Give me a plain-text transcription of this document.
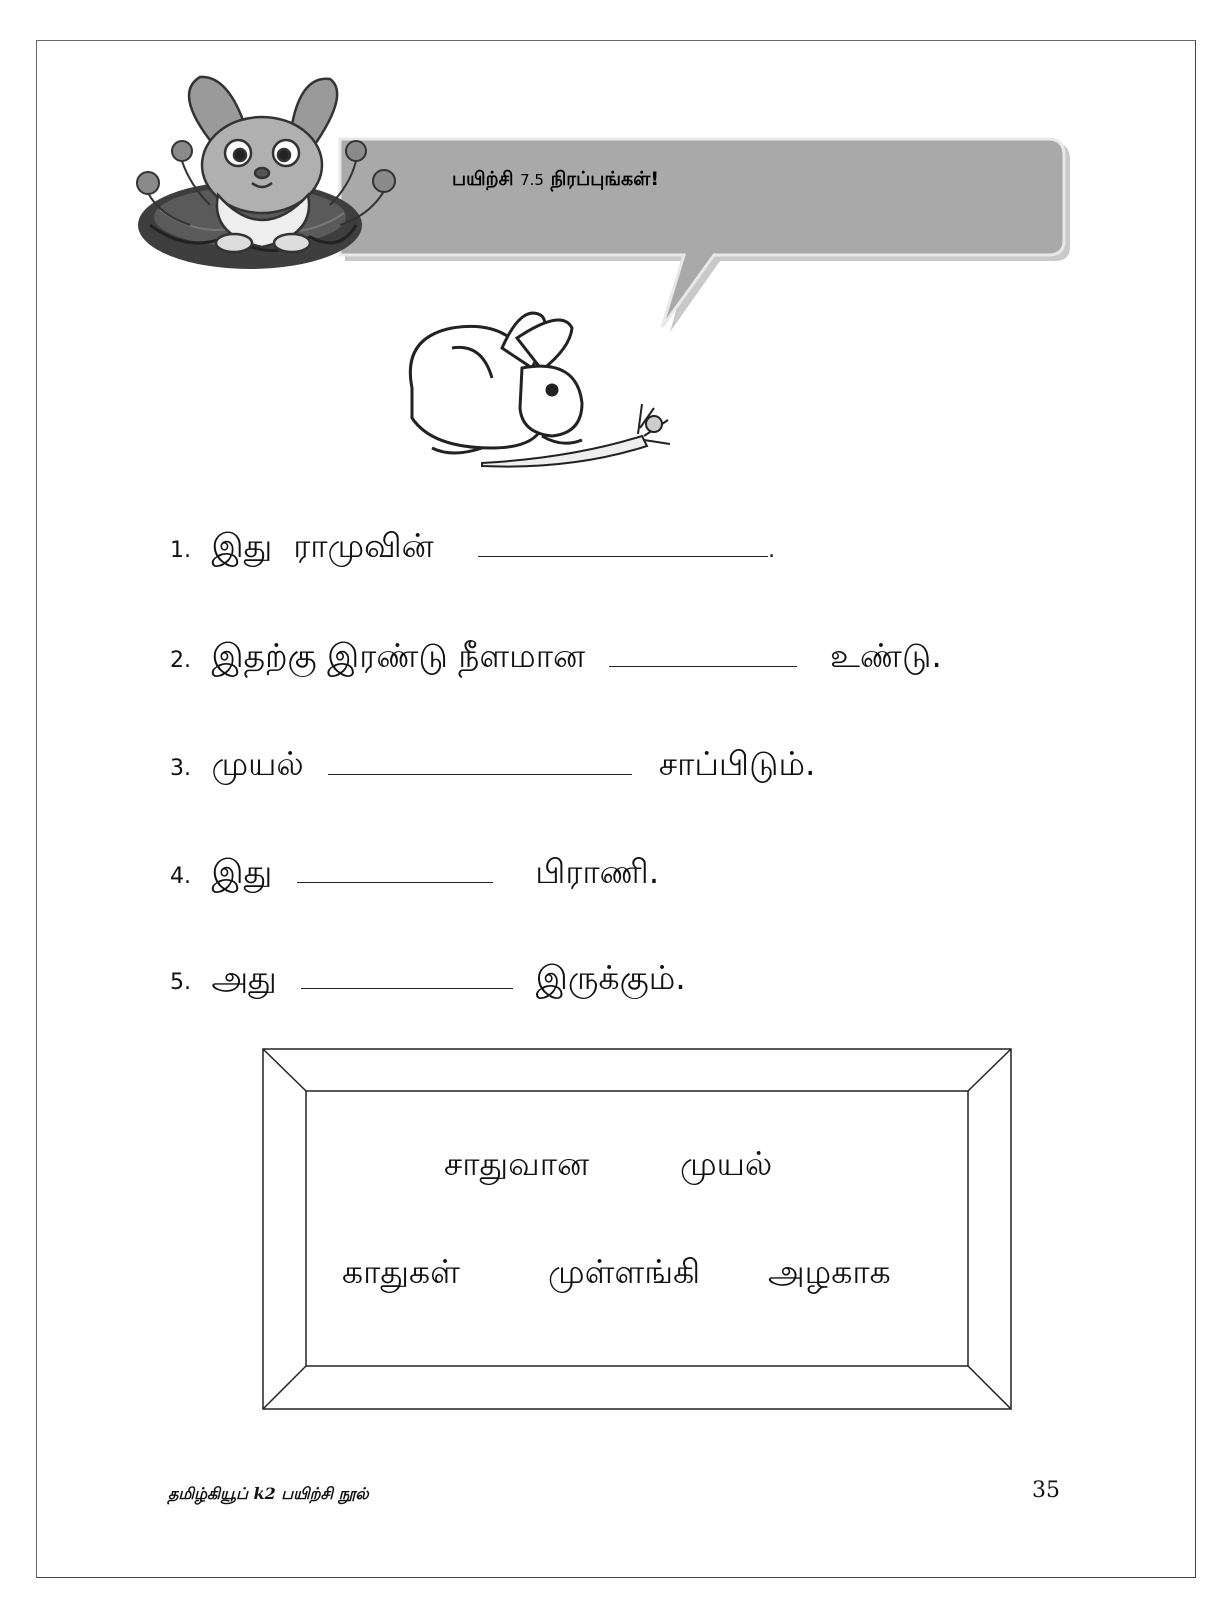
பயிற்சி 7.5 நிரப்புங்கள்!
1. இது  ராமுவின்	.
2. இதற்கு இரண்டு நீளமான	உண்டு.
3. முயல்	சாப்பிடும்.
4. இது	பிராணி.
5. அது	இருக்கும்.
சாதுவான	முயல்
காதுகள்	முள்ளங்கி அழகாக
தமிழ்கியூப் k2 பயிற்சி நூல்	35
